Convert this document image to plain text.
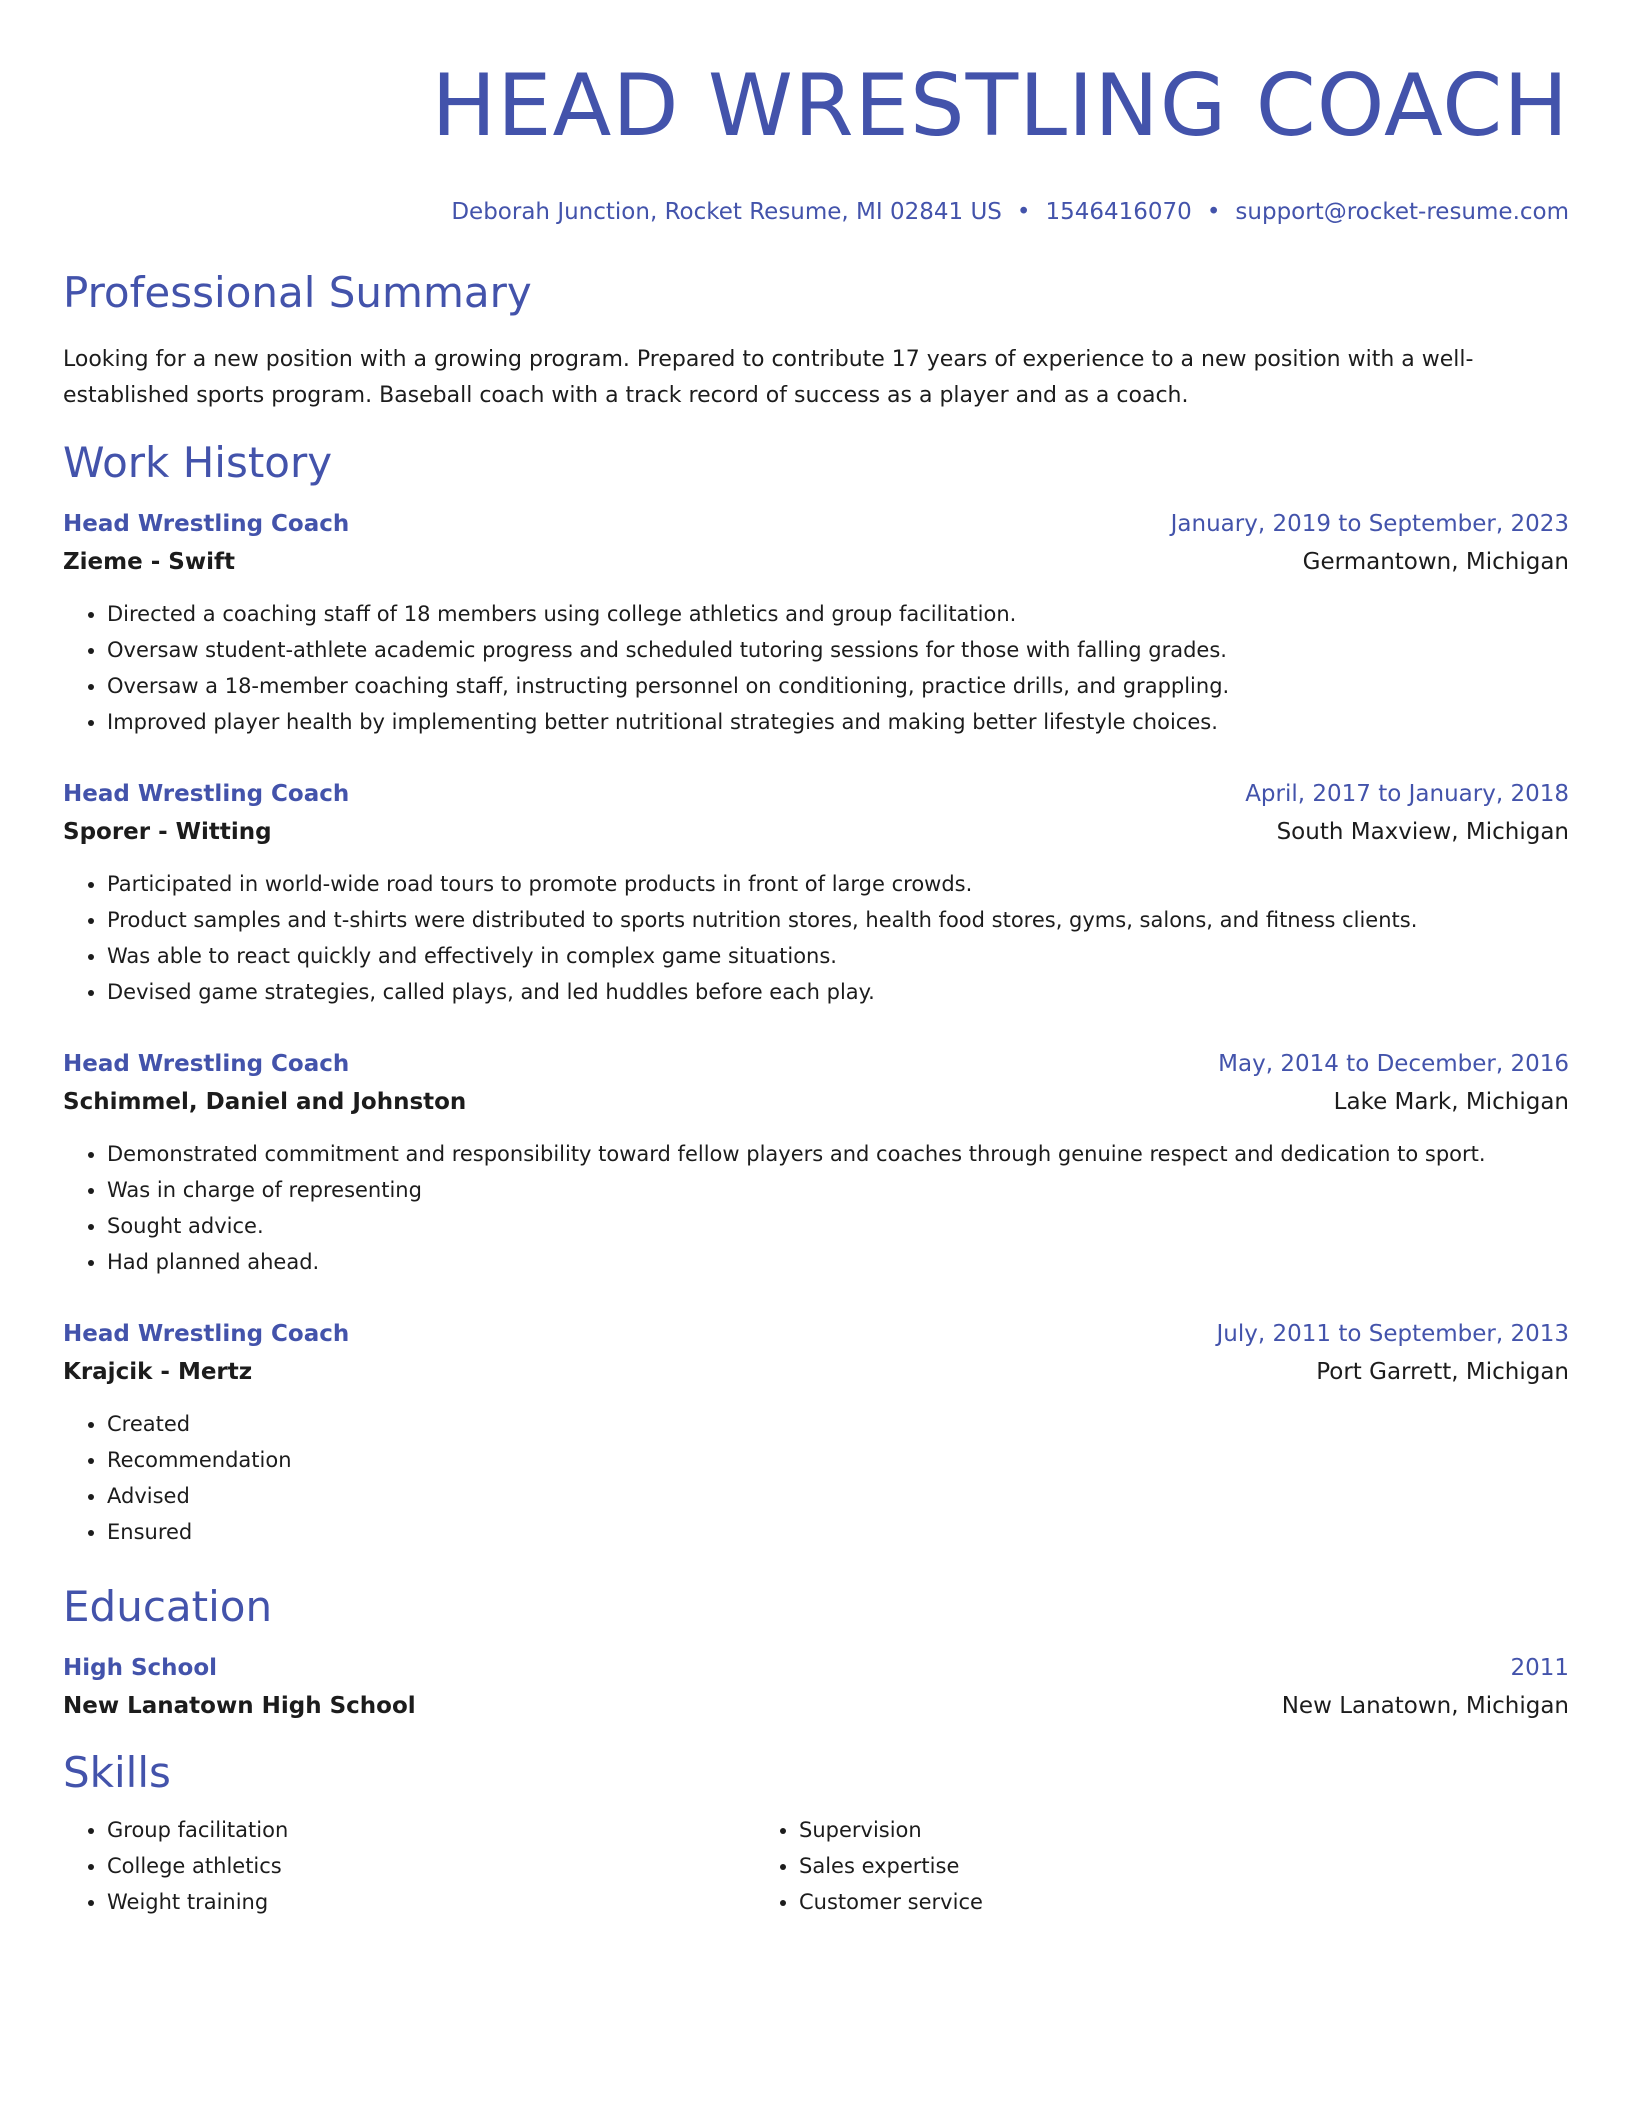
HEAD WRESTLING COACH
Deborah Junction, Rocket Resume, MI 02841 US • 1546416070 • support@rocket-resume.com
Professional Summary

Looking for a new position with a growing program. Prepared to contribute 17 years of experience to a new position with a well-established sports program. Baseball coach with a track record of success as a player and as a coach.

Work History
Head Wrestling Coach	January, 2019 to September, 2023
Zieme - Swift	Germantown, Michigan
• Directed a coaching staff of 18 members using college athletics and group facilitation.
• Oversaw student-athlete academic progress and scheduled tutoring sessions for those with falling grades.
• Oversaw a 18-member coaching staff, instructing personnel on conditioning, practice drills, and grappling.
• Improved player health by implementing better nutritional strategies and making better lifestyle choices.
Head Wrestling Coach	April, 2017 to January, 2018
Sporer - Witting	South Maxview, Michigan
• Participated in world-wide road tours to promote products in front of large crowds.
• Product samples and t-shirts were distributed to sports nutrition stores, health food stores, gyms, salons, and fitness clients.
• Was able to react quickly and effectively in complex game situations.
• Devised game strategies, called plays, and led huddles before each play.
Head Wrestling Coach	May, 2014 to December, 2016
Schimmel, Daniel and Johnston	Lake Mark, Michigan
• Demonstrated commitment and responsibility toward fellow players and coaches through genuine respect and dedication to sport.
• Was in charge of representing
• Sought advice.
• Had planned ahead.
Head Wrestling Coach	July, 2011 to September, 2013
Krajcik - Mertz	Port Garrett, Michigan
• Created
• Recommendation
• Advised
• Ensured
Education
High School	2011
New Lanatown High School	New Lanatown, Michigan
Skills
• Group facilitation
• College athletics
• Weight training
• Supervision
• Sales expertise
• Customer service
